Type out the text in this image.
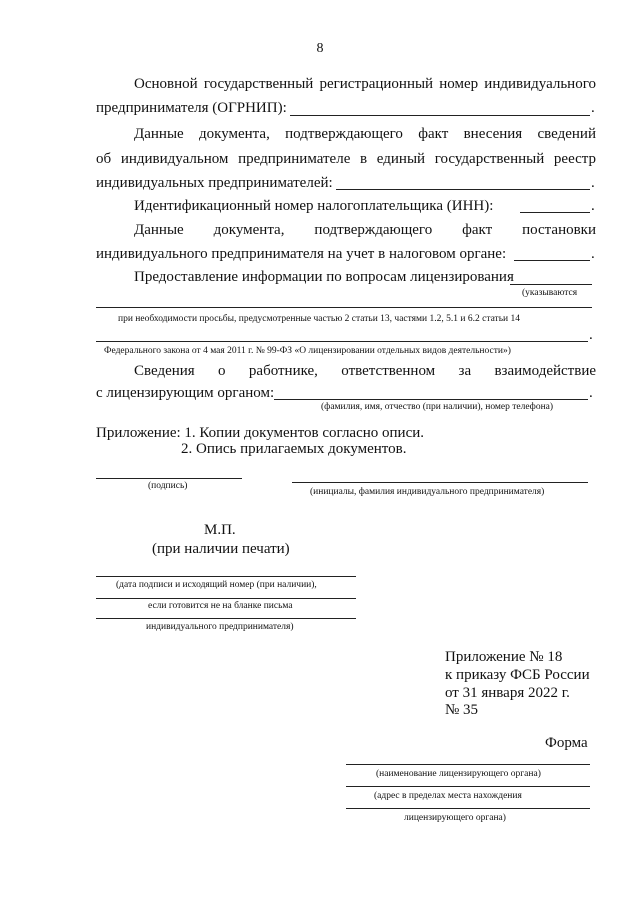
8
Основной государственный регистрационный номер индивидуального
предпринимателя (ОГРНИП):	.
Данные документа, подтверждающего факт внесения сведений
об индивидуальном предпринимателе в единый государственный реестр
индивидуальных предпринимателей:	.
Идентификационный номер налогоплательщика (ИНН):	.
Данные документа, подтверждающего факт постановки
индивидуального предпринимателя на учет в налоговом органе:	.
Предоставление информации по вопросам лицензирования
(указываются
при необходимости просьбы, предусмотренные частью 2 статьи 13, частями 1.2, 5.1 и 6.2 статьи 14
.
Федерального закона от 4 мая 2011 г. № 99-ФЗ «О лицензировании отдельных видов деятельности»)
Сведения о работнике, ответственном за взаимодействие
с лицензирующим органом:	.
(фамилия, имя, отчество (при наличии), номер телефона)
Приложение: 1. Копии документов согласно описи.
2. Опись прилагаемых документов.
(подпись)
(инициалы, фамилия индивидуального предпринимателя)
М.П.
(при наличии печати)
(дата подписи и исходящий номер (при наличии),
если готовится не на бланке письма
индивидуального предпринимателя)
Приложение № 18
к приказу ФСБ России
от 31 января 2022 г.
№ 35
Форма
(наименование лицензирующего органа)
(адрес в пределах места нахождения
лицензирующего органа)
